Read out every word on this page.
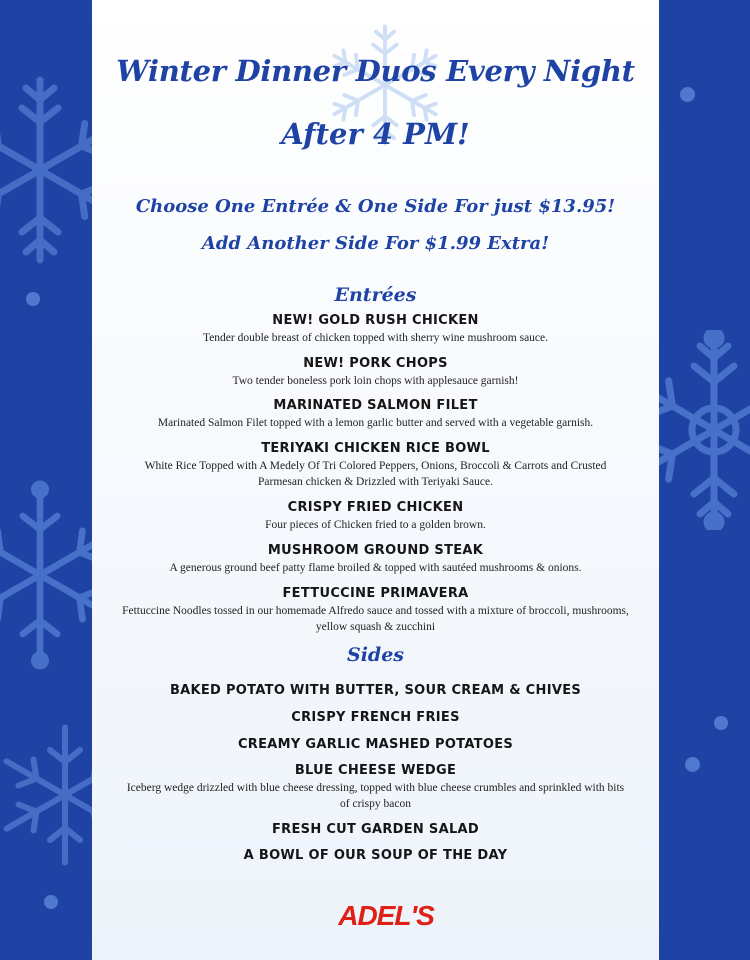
Winter Dinner Duos Every Night
After 4 PM!
Choose One Entrée & One Side For just $13.95!
Add Another Side For $1.99 Extra!
Entrées
NEW! GOLD RUSH CHICKEN
Tender double breast of chicken topped with sherry wine mushroom sauce.
NEW! PORK CHOPS
Two tender boneless pork loin chops with applesauce garnish!
MARINATED SALMON FILET
Marinated Salmon Filet topped with a lemon garlic butter and served with a vegetable garnish.
TERIYAKI CHICKEN RICE BOWL
White Rice Topped with A Medely Of Tri Colored Peppers, Onions, Broccoli & Carrots and Crusted Parmesan chicken & Drizzled with Teriyaki Sauce.
CRISPY FRIED CHICKEN
Four pieces of Chicken fried to a golden brown.
MUSHROOM GROUND STEAK
A generous ground beef patty flame broiled & topped with sautéed mushrooms & onions.
FETTUCCINE PRIMAVERA
Fettuccine Noodles tossed in our homemade Alfredo sauce and tossed with a mixture of broccoli, mushrooms, yellow squash & zucchini
Sides
BAKED POTATO WITH BUTTER, SOUR CREAM & CHIVES
CRISPY FRENCH FRIES
CREAMY GARLIC MASHED POTATOES
BLUE CHEESE WEDGE
Iceberg wedge drizzled with blue cheese dressing, topped with blue cheese crumbles and sprinkled with bits of crispy bacon
FRESH CUT GARDEN SALAD
A BOWL OF OUR SOUP OF THE DAY
ADEL'S
